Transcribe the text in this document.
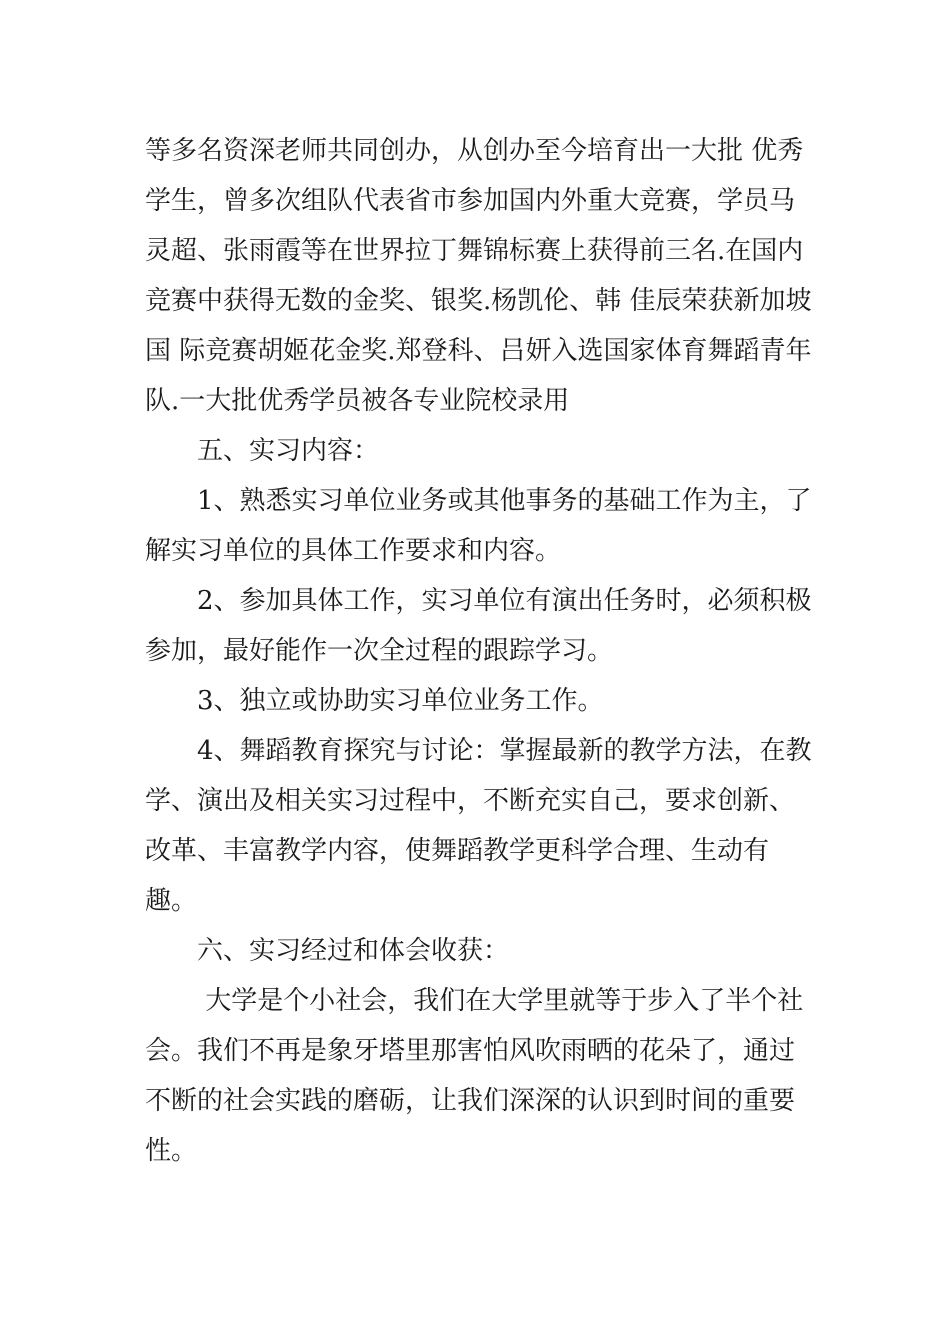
等多名资深老师共同创办，从创办至今培育出一大批 优秀学生，曾多次组队代表省市参加国内外重大竞赛，学员马灵超、张雨霞等在世界拉丁舞锦标赛上获得前三名.在国内竞赛中获得无数的金奖、银奖.杨凯伦、韩 佳辰荣获新加坡国 际竞赛胡姬花金奖.郑登科、吕妍入选国家体育舞蹈青年队.一大批优秀学员被各专业院校录用

五、实习内容：

1、熟悉实习单位业务或其他事务的基础工作为主，了解实习单位的具体工作要求和内容。

2、参加具体工作，实习单位有演出任务时，必须积极参加，最好能作一次全过程的跟踪学习。

3、独立或协助实习单位业务工作。

4、舞蹈教育探究与讨论：掌握最新的教学方法，在教学、演出及相关实习过程中，不断充实自己，要求创新、改革、丰富教学内容，使舞蹈教学更科学合理、生动有趣。

六、实习经过和体会收获：

大学是个小社会，我们在大学里就等于步入了半个社会。我们不再是象牙塔里那害怕风吹雨晒的花朵了，通过不断的社会实践的磨砺，让我们深深的认识到时间的重要性。
